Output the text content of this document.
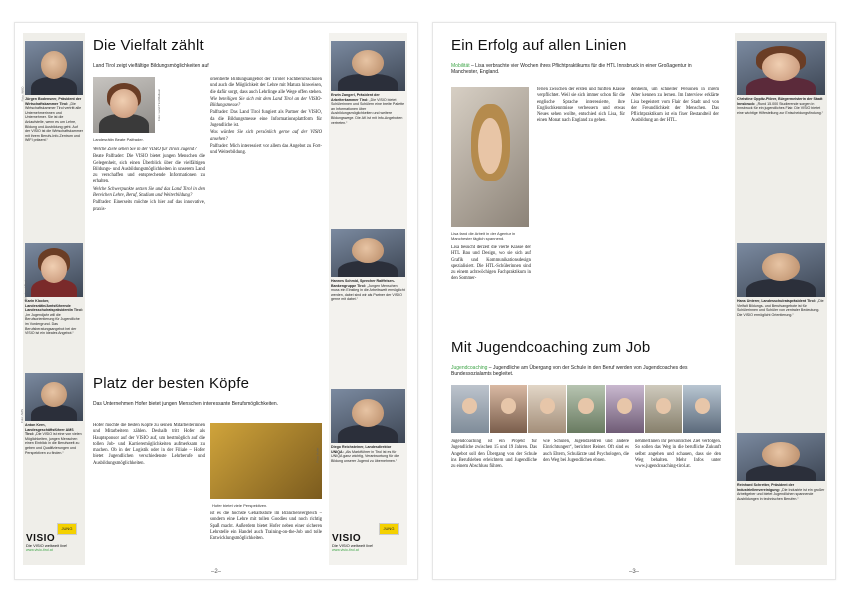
Foto: WKO Jürgen Bodenseer, Präsident der Wirtschaftskammer Tirol: „Die Wirtschaftskammer Tirol vertritt alle Unternehmerinnen und Unternehmer. Sie ist die Anlaufstelle, wenn es um Lehre, Bildung und Ausbildung geht. Auf der VISIO ist die Wirtschaftskammer mit ihrem Berufs-Info-Zentrum und WIFI präsent.“
Foto: Land Tirol
Karin Klocker, Landesrätin/Amtsführende Landesschulratspräsidentin Tirol: „Im Jugendjahr will die Berufsorientierung für Jugendliche im Vordergrund. Das Berufsberatungsangebot bei der VISIO ist ein ideales Angebot.“
Foto: AMS
Anton Kern, Landesgeschäftsführer AMS Tirol: „Die VISIO ist eine von vielen Möglichkeiten, jungen Menschen einen Einblick in die Berufswelt zu geben und Qualifizierungen und Perspektiven zu finden.“
JUNG
VISIO
Die VISIO weltweit live!
www.visio-tirol.at
Die Vielfalt zählt
Land Tirol zeigt vielfältige Bildungsmöglichkeiten auf
Foto: Land Tirol/Mallaun
Landesrätin Beate Palfrader.

Welche Ziele sehen Sie in der VISIO für Tirols Jugend?

Beate Palfrader: Die VISIO bietet jungen Menschen die Gelegenheit, sich einen Überblick über die vielfältigen Bildungs- und Ausbildungsmöglichkeiten in unserem Land zu verschaffen und entsprechende Informationen zu erhalten.

Welche Schwerpunkte setzen Sie und das Land Tirol in den Bereichen Lehre, Beruf, Studium und Weiterbildung?

Palfrader: Einerseits möchte ich hier auf das innovative, praxis-

orientierte Bildungsangebot der Tiroler Fachberufsschulen und auch die Möglichkeit der Lehre mit Matura hinweisen, die dafür sorgt, dass auch Lehrlinge alle Wege offen stehen.

Wie beteiligen Sie sich mit dem Land Tirol an der VISIO-Bildungsmesse?

Palfrader: Das Land Tirol fungiert als Partner der VISIO, da die Bildungsmesse eine Informationsplattform für Jugendliche ist.

Was würden Sie sich persönlich gerne auf der VISIO ansehen?

Palfrader: Mich interessiert vor allem das Angebot zu Fort- und Weiterbildung.

Platz der besten Köpfe
Das Unternehmen Hofer bietet jungen Menschen interessante Berufsmöglichkeiten.
Hofer möchte die besten Köpfe zu seinen Mitarbeiterinnen und Mitarbeitern zählen. Deshalb tritt Hofer als Hauptsponsor auf der VISIO auf, um bestmöglich auf die tollen Job- und Karrieremöglichkeiten aufmerksam zu machen. Ob in der Logistik oder in der Filiale – Hofer bietet Jugendlichen verschiedenste Lehrberufe und Ausbildungsmöglichkeiten.
Foto: Hofer
Hofer bietet viele Perspektiven.
ist es die höchste Gehaltsstufe im Branchenvergleich – sondern eine Lehre mit tollen Goodies und noch richtig Spaß macht. Außerdem bietet Hofer neben einer sicheren Lehrstelle ein Handel auch Training-on-the-Job und tolle Entwicklungsmöglichkeiten.
Erwin Zangerl, Präsident der Arbeiterkammer Tirol: „Die VISIO bietet Schülerinnen und Schülern eine breite Palette an Informationen über Ausbildungsmöglichkeiten und weitere Bildungswege. Die AK ist mit Info-Angeboten vertreten.“
Hannes Schmid, Sprecher Raiffeisen-Bankengruppe Tirol: „Jungen Menschen muss ein Einstieg in die Arbeitswelt ermöglicht werden, dabei sind wir als Partner der VISIO gerne mit dabei.“
Diego Reichsteiner, Landesdirektor UNIQA: „Als Marktführer in Tirol ist es für UNIQA ganz wichtig, Verantwortung für die Bildung unserer Jugend zu übernehmen.“
JUNG
VISIO
Die VISIO weltweit live!
www.visio-tirol.at
–2–
Ein Erfolg auf allen Linien
Mobilität – Lisa verbrachte vier Wochen ihres Pflichtpraktikums für die HTL Innsbruck in einer Großagentur in Manchester, England.
Lisa fand die Arbeit in der Agentur in Manchester täglich spannend.
Lisa besucht derzeit die vierte Klasse der HTL Bau und Design, wo sie sich auf Grafik und Kommunikationsdesign spezialisiert. Die HTL-Schülerinnen sind zu einem achtwöchigen Fachpraktikum in den Sommer-
ferien zwischen der ersten und fünften Klasse verpflichtet. Weil sie sich immer schon für die englische Sprache interessierte, ihre Englischkenntnisse verbessern und etwas Neues sehen wollte, entschied sich Lisa, für einen Monat nach England zu gehen.
denheim, um schneller Personen in ihrem Alter kennen zu lernen. Im Interview erklärte Lisa begeistert vom Flair der Stadt und von der Freundlichkeit der Menschen. Das Pflichtpraktikum ist ein fixer Bestandteil der Ausbildung an der HTL.
Mit Jugendcoaching zum Job
Jugendcoaching – Jugendliche am Übergang von der Schule in den Beruf werden von Jugendcoaches des Bundessozialamts begleitet.
Jugendcoaching ist ein Projekt für Jugendliche zwischen 15 und 19 Jahren. Das Angebot soll den Übergang von der Schule ins Berufsleben erleichtern und Jugendliche zu einem Abschluss führen.
wie Schulen, Jugendzentren und andere Einrichtungen“, berichtet Reiner. Oft sind es auch Eltern, Schulärzte und Psychologen, die den Weg bei Jugendlichen ebnen.
nehmerInnen ihr persönliches Ziel verfolgen. So sollen das Weg in die berufliche Zukunft selbst angehen und schauen, dass sie den Weg behalten. Mehr Infos unter www.jugendcoaching-tirol.at.
Christine Oppitz-Plörer, Bürgermeisterin der Stadt Innsbruck: „Rund 15.000 Studierende sorgen in Innsbruck für ein jugendliches Flair. Die VISIO bietet eine wichtige Hilfestellung zur Entscheidungsfindung.“
Hans Unterer, Landesschulratspräsident Tirol: „Die Vielfalt Bildungs- und Berufsangebote ist für Schülerinnen und Schüler von zentraler Bedeutung. Die VISIO ermöglicht Orientierung.“
Reinhard Schretter, Präsident der Industriellenvereinigung: „Die Industrie ist ein großer Arbeitgeber und bietet Jugendlichen spannende Ausbildungen in technischen Berufen.“
–3–
